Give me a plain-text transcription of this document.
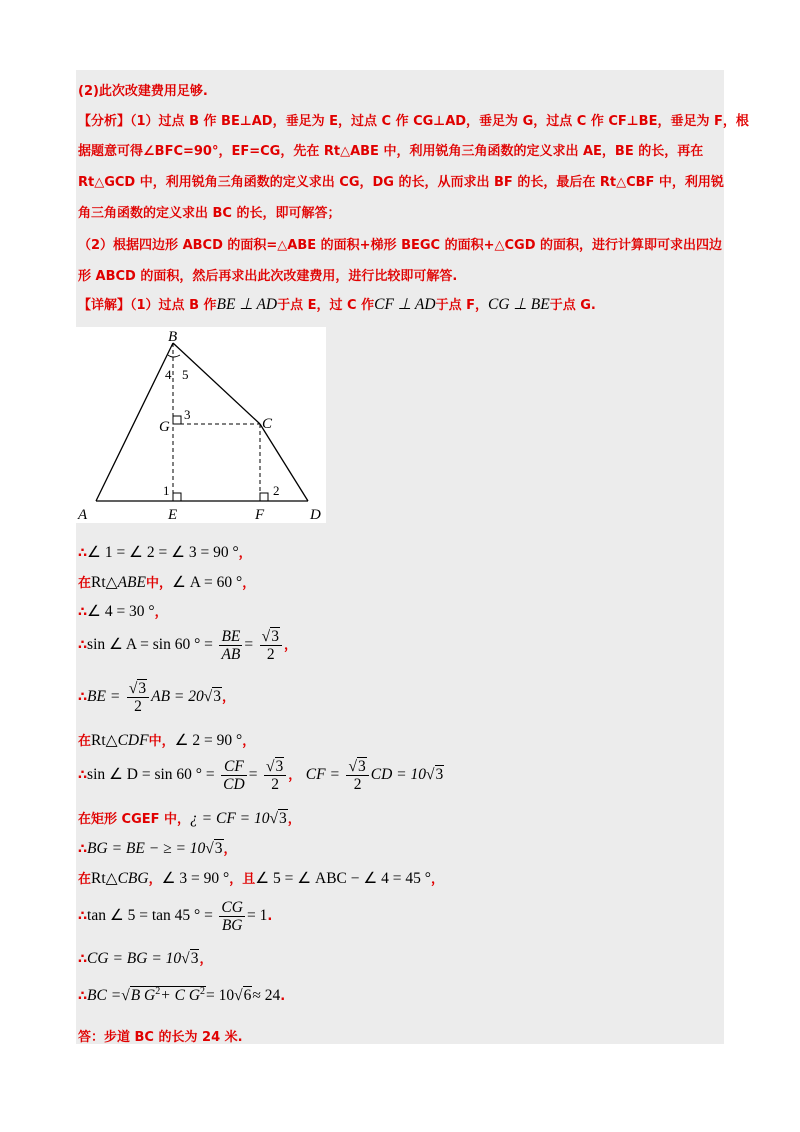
(2)此次改建费用足够.
【分析】（1）过点 B 作 BE⊥AD，垂足为 E，过点 C 作 CG⊥AD，垂足为 G，过点 C 作 CF⊥BE，垂足为 F，根
据题意可得∠BFC=90°，EF=CG，先在 Rt△ABE 中，利用锐角三角函数的定义求出 AE，BE 的长，再在
Rt△GCD 中，利用锐角三角函数的定义求出 CG，DG 的长，从而求出 BF 的长，最后在 Rt△CBF 中，利用锐
角三角函数的定义求出 BC 的长，即可解答；
（2）根据四边形 ABCD 的面积=△ABE 的面积+梯形 BEGC 的面积+△CGD 的面积，进行计算即可求出四边
形 ABCD 的面积，然后再求出此次改建费用，进行比较即可解答.
【详解】（1）过点 B 作BE ⊥ AD于点 E，过 C 作CF ⊥ AD于点 F，CG ⊥ BE于点 G.
B
A	E	F	D
C
G
1	2
3
4 5
∴∠ 1 = ∠ 2 = ∠ 3 = 90 °，
在Rt△ABE中，∠ A = 60 °，
∴∠ 4 = 30 °，
∴sin ∠ A = sin 60 ° = $\frac{BE}{AB} = \frac{√3}{2}$ ，
∴BE = $\frac{√3}{2}$ AB = 20√3，
在Rt△CDF中，∠ 2 = 90 °，
∴sin ∠ D = sin 60 ° = $\frac{CF}{CD} = \frac{√3}{2}$ ， CF = $\frac{√3}{2}$ CD = 10√3
在矩形 CGEF 中，¿ = CF = 10√3，
∴BG = BE − ≥ = 10√3，
在Rt△CBG，∠ 3 = 90 °，且∠ 5 = ∠ ABC − ∠ 4 = 45 °，
∴tan ∠ 5 = tan 45 ° = $\frac{CG}{BG} = 1$.
∴CG = BG = 10√3，
∴BC =√B $G^2+ C$ $G^2= 10√6\approx 24$.
答：步道 BC 的长为 24 米.
